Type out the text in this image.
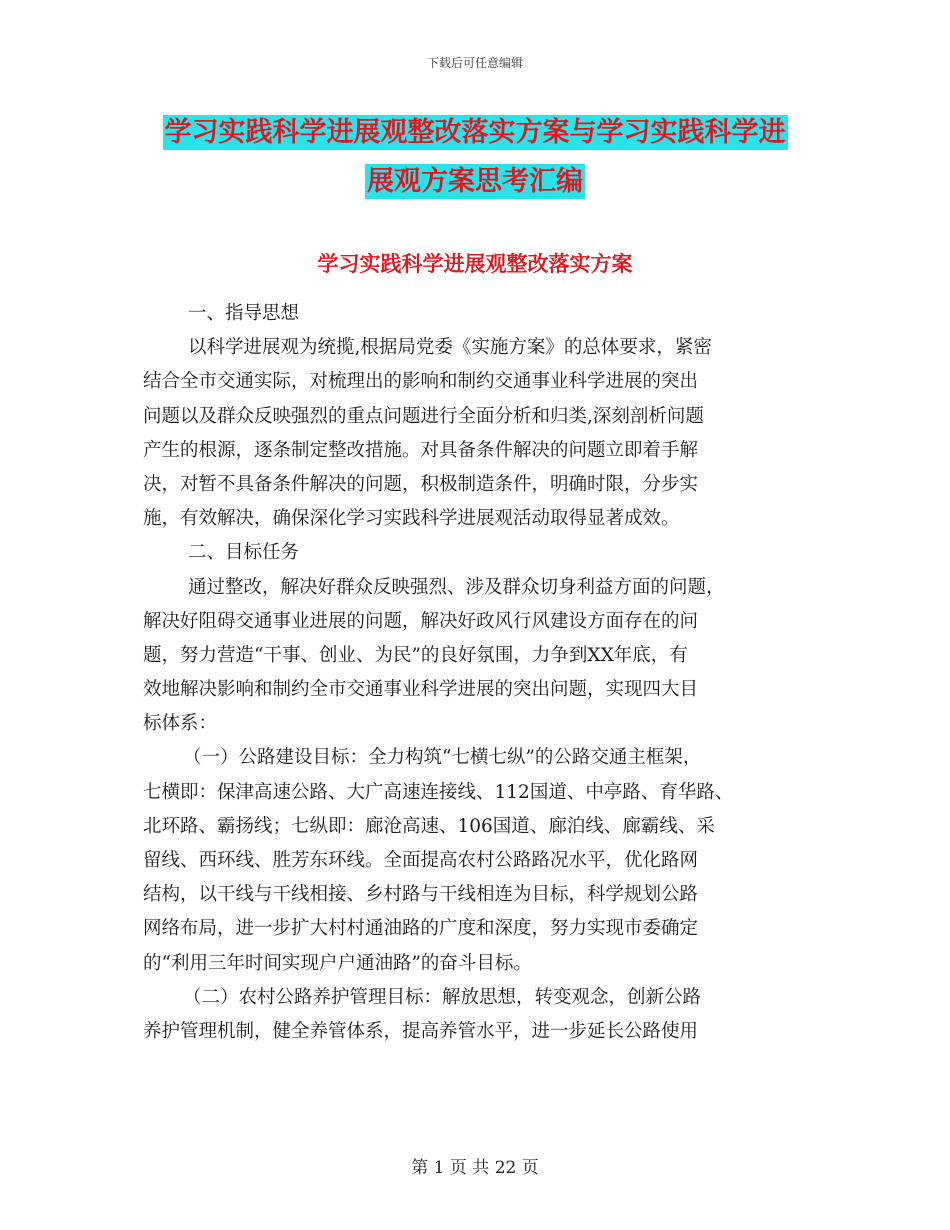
下载后可任意编辑
学习实践科学进展观整改落实方案与学习实践科学进
展观方案思考汇编
学习实践科学进展观整改落实方案
一、指导思想
以科学进展观为统揽,根据局党委《实施方案》的总体要求，紧密
结合全市交通实际，对梳理出的影响和制约交通事业科学进展的突出
问题以及群众反映强烈的重点问题进行全面分析和归类,深刻剖析问题
产生的根源，逐条制定整改措施。对具备条件解决的问题立即着手解
决，对暂不具备条件解决的问题，积极制造条件，明确时限，分步实
施，有效解决，确保深化学习实践科学进展观活动取得显著成效。
二、目标任务
通过整改，解决好群众反映强烈、涉及群众切身利益方面的问题，
解决好阻碍交通事业进展的问题，解决好政风行风建设方面存在的问
题，努力营造“干事、创业、为民”的良好氛围，力争到XX年底，有
效地解决影响和制约全市交通事业科学进展的突出问题，实现四大目
标体系：
（一）公路建设目标：全力构筑“七横七纵”的公路交通主框架，
七横即：保津高速公路、大广高速连接线、112国道、中亭路、育华路、
北环路、霸扬线；七纵即：廊沧高速、106国道、廊泊线、廊霸线、采
留线、西环线、胜芳东环线。全面提高农村公路路况水平，优化路网
结构，以干线与干线相接、乡村路与干线相连为目标，科学规划公路
网络布局，进一步扩大村村通油路的广度和深度，努力实现市委确定
的“利用三年时间实现户户通油路”的奋斗目标。
（二）农村公路养护管理目标：解放思想，转变观念，创新公路
养护管理机制，健全养管体系，提高养管水平，进一步延长公路使用
第 1 页 共 22 页
